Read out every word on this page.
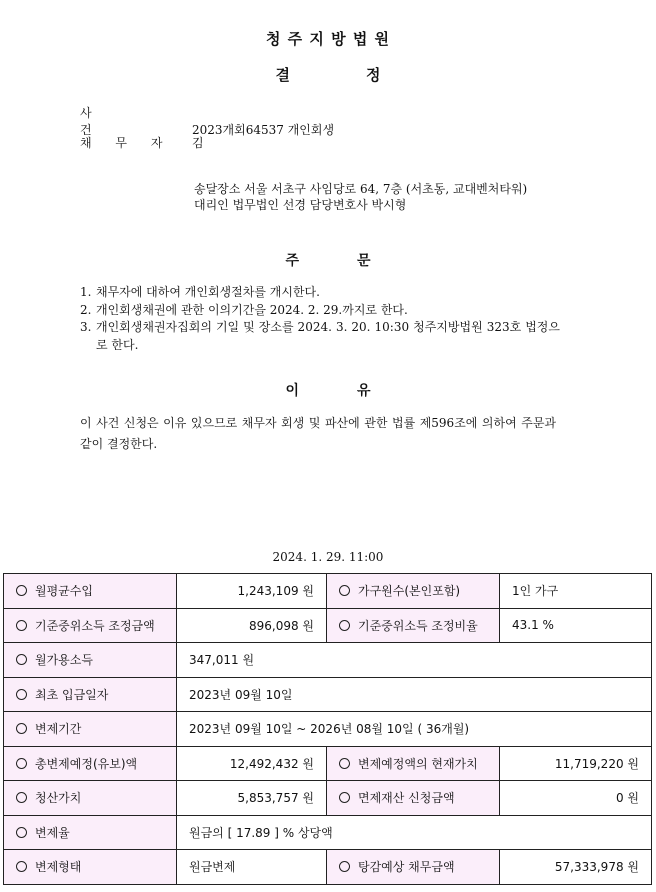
청 주 지 방 법 원
결	정
사 건	2023개회64537 개인회생
채 무 자 김
송달장소 서울 서초구 사임당로 64, 7층 (서초동, 교대벤처타워)
대리인 법무법인 선경 담당변호사 박시형
주	문
1. 채무자에 대하여 개인회생절차를 개시한다.
2. 개인회생채권에 관한 이의기간을 2024. 2. 29.까지로 한다.
3. 개인회생채권자집회의 기일 및 장소를 2024. 3. 20. 10:30 청주지방법원 323호 법정으로 한다.
이	유
이 사건 신청은 이유 있으므로 채무자 회생 및 파산에 관한 법률 제596조에 의하여 주문과 같이 결정한다.
2024. 1. 29. 11:00
월평균수입	1,243,109 원	가구원수(본인포함)	1인 가구
기준중위소득 조정금액	896,098 원	기준중위소득 조정비율	43.1 %
월가용소득	347,011 원		
최초 입금일자	2023년 09월 10일		
변제기간	2023년 09월 10일 ~ 2026년 08월 10일 ( 36개월)		
총변제예정(유보)액	12,492,432 원	변제예정액의 현재가치	11,719,220 원
청산가치	5,853,757 원	면제재산 신청금액	0 원
변제율	원금의 [ 17.89 ] % 상당액		
변제형태	원금변제	탕감예상 채무금액	57,333,978 원
